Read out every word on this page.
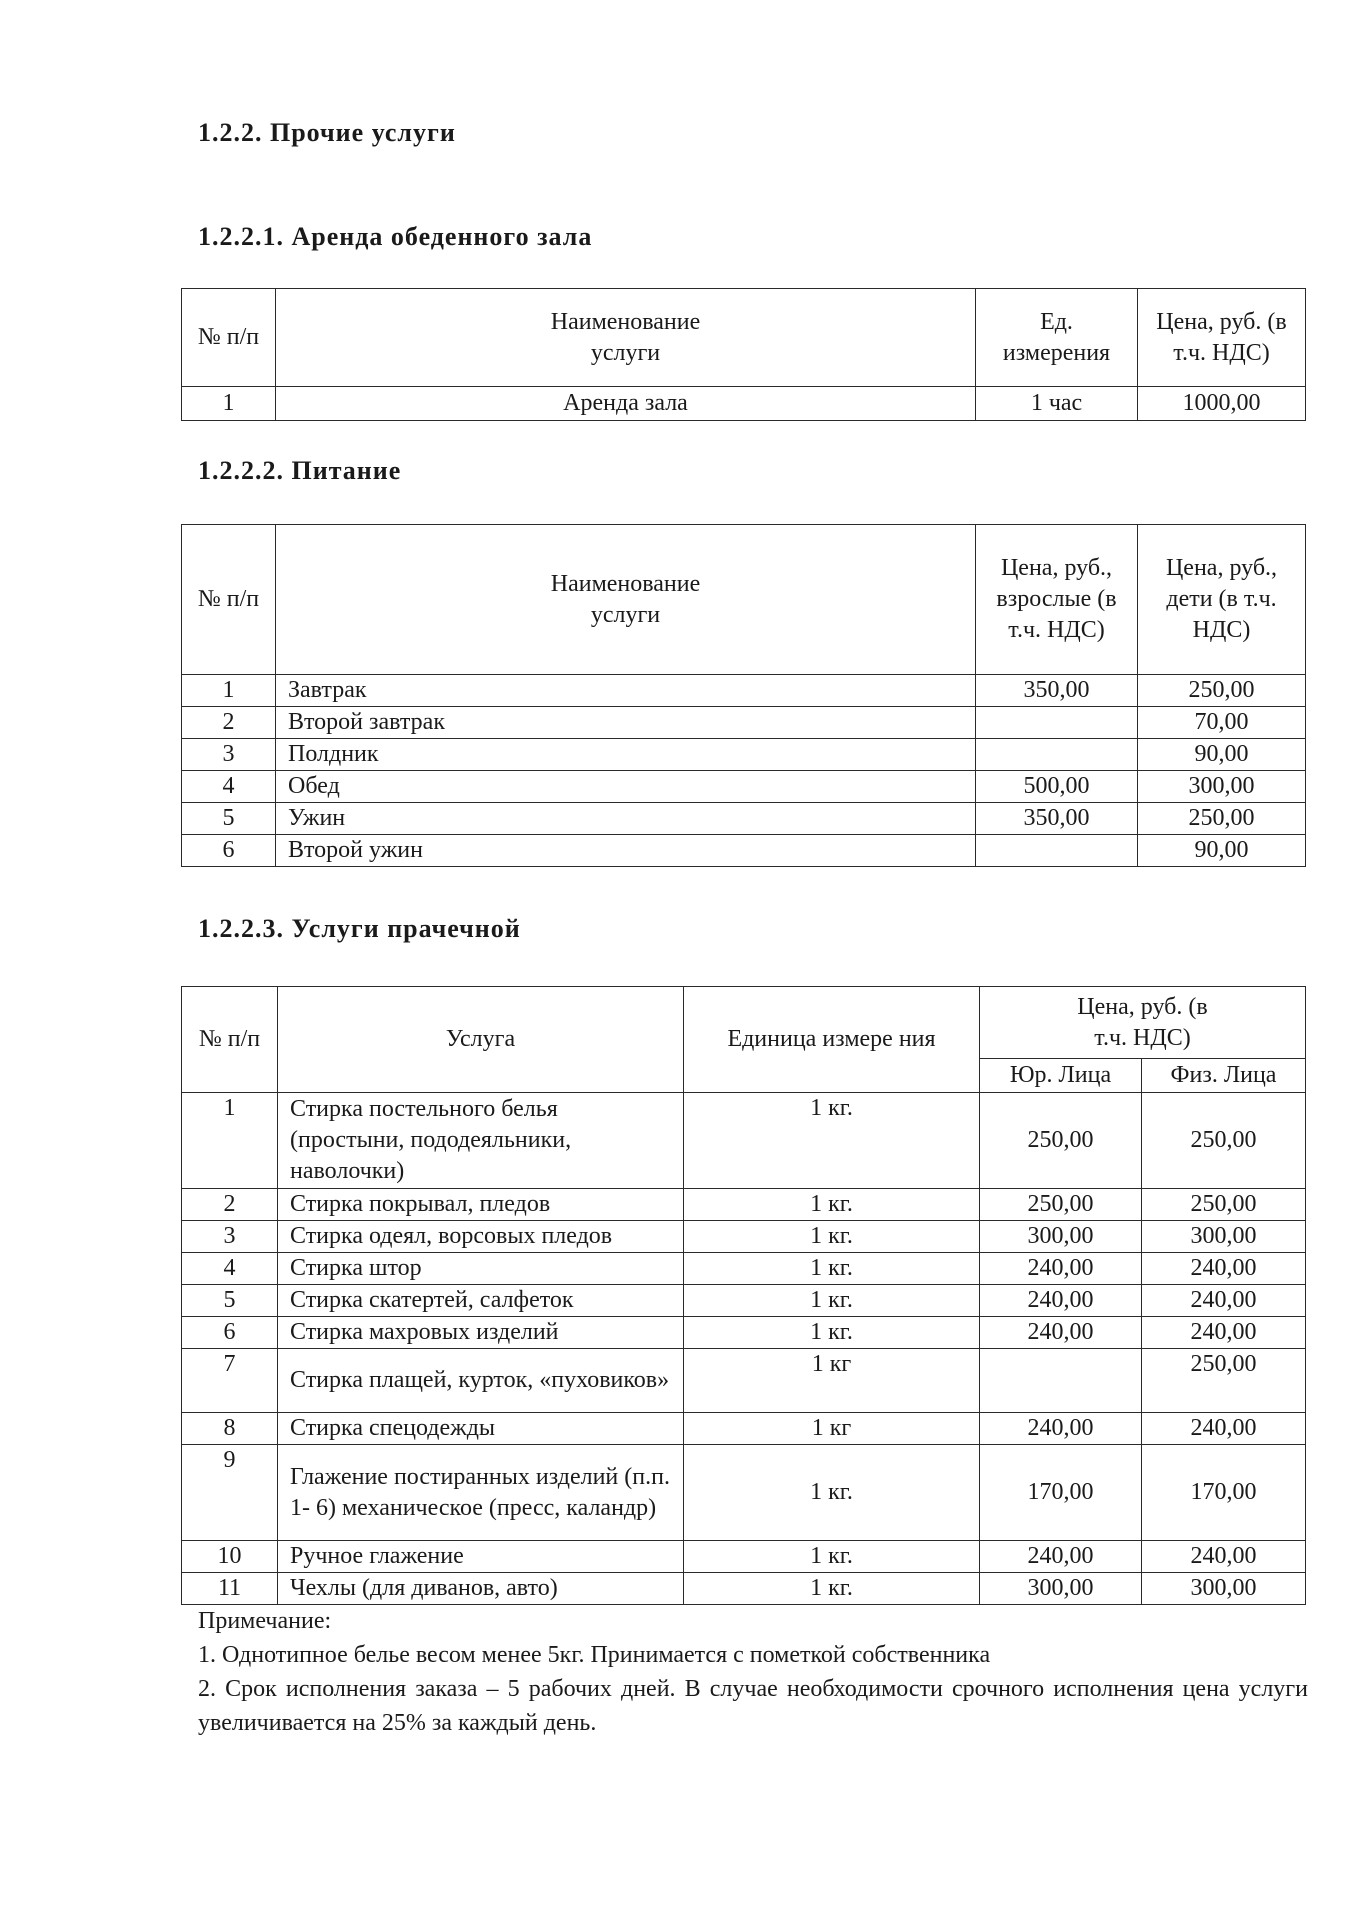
1.2.2. Прочие услуги
1.2.2.1. Аренда обеденного зала
№ п/п	Наименование услуги	Ед. измерения	Цена, руб. (в т.ч. НДС)

1	Аренда зала	1 час	1000,00
1.2.2.2. Питание
№ п/п	Наименование услуги	Цена, руб., взрослые (в т.ч. НДС)	Цена, руб., дети (в т.ч. НДС)

1	Завтрак	350,00	250,00
2	Второй завтрак		70,00
3	Полдник		90,00
4	Обед	500,00	300,00
5	Ужин	350,00	250,00
6	Второй ужин		90,00
1.2.2.3. Услуги прачечной
№ п/п	Услуга	Единица измере ния	Цена, руб. (в т.ч. НДС)	

			Юр. Лица	Физ. Лица
1	Стирка постельного белья (простыни, пододеяльники, наволочки)	1 кг.	250,00	250,00
2	Стирка покрывал, пледов	1 кг.	250,00	250,00
3	Стирка одеял, ворсовых пледов	1 кг.	300,00	300,00
4	Стирка штор	1 кг.	240,00	240,00
5	Стирка скатертей, салфеток	1 кг.	240,00	240,00
6	Стирка махровых изделий	1 кг.	240,00	240,00
7	Стирка плащей, курток, «пуховиков»	1 кг		250,00
8	Стирка спецодежды	1 кг	240,00	240,00
9	Глажение постиранных изделий (п.п. 1- 6) механическое (пресс, каландр)	1 кг.	170,00	170,00
10	Ручное глажение	1 кг.	240,00	240,00
11	Чехлы (для диванов, авто)	1 кг.	300,00	300,00
Примечание:
1. Однотипное белье весом менее 5кг. Принимается с пометкой собственника
2. Срок исполнения заказа – 5 рабочих дней. В случае необходимости срочного исполнения цена услуги увеличивается на 25% за каждый день.
